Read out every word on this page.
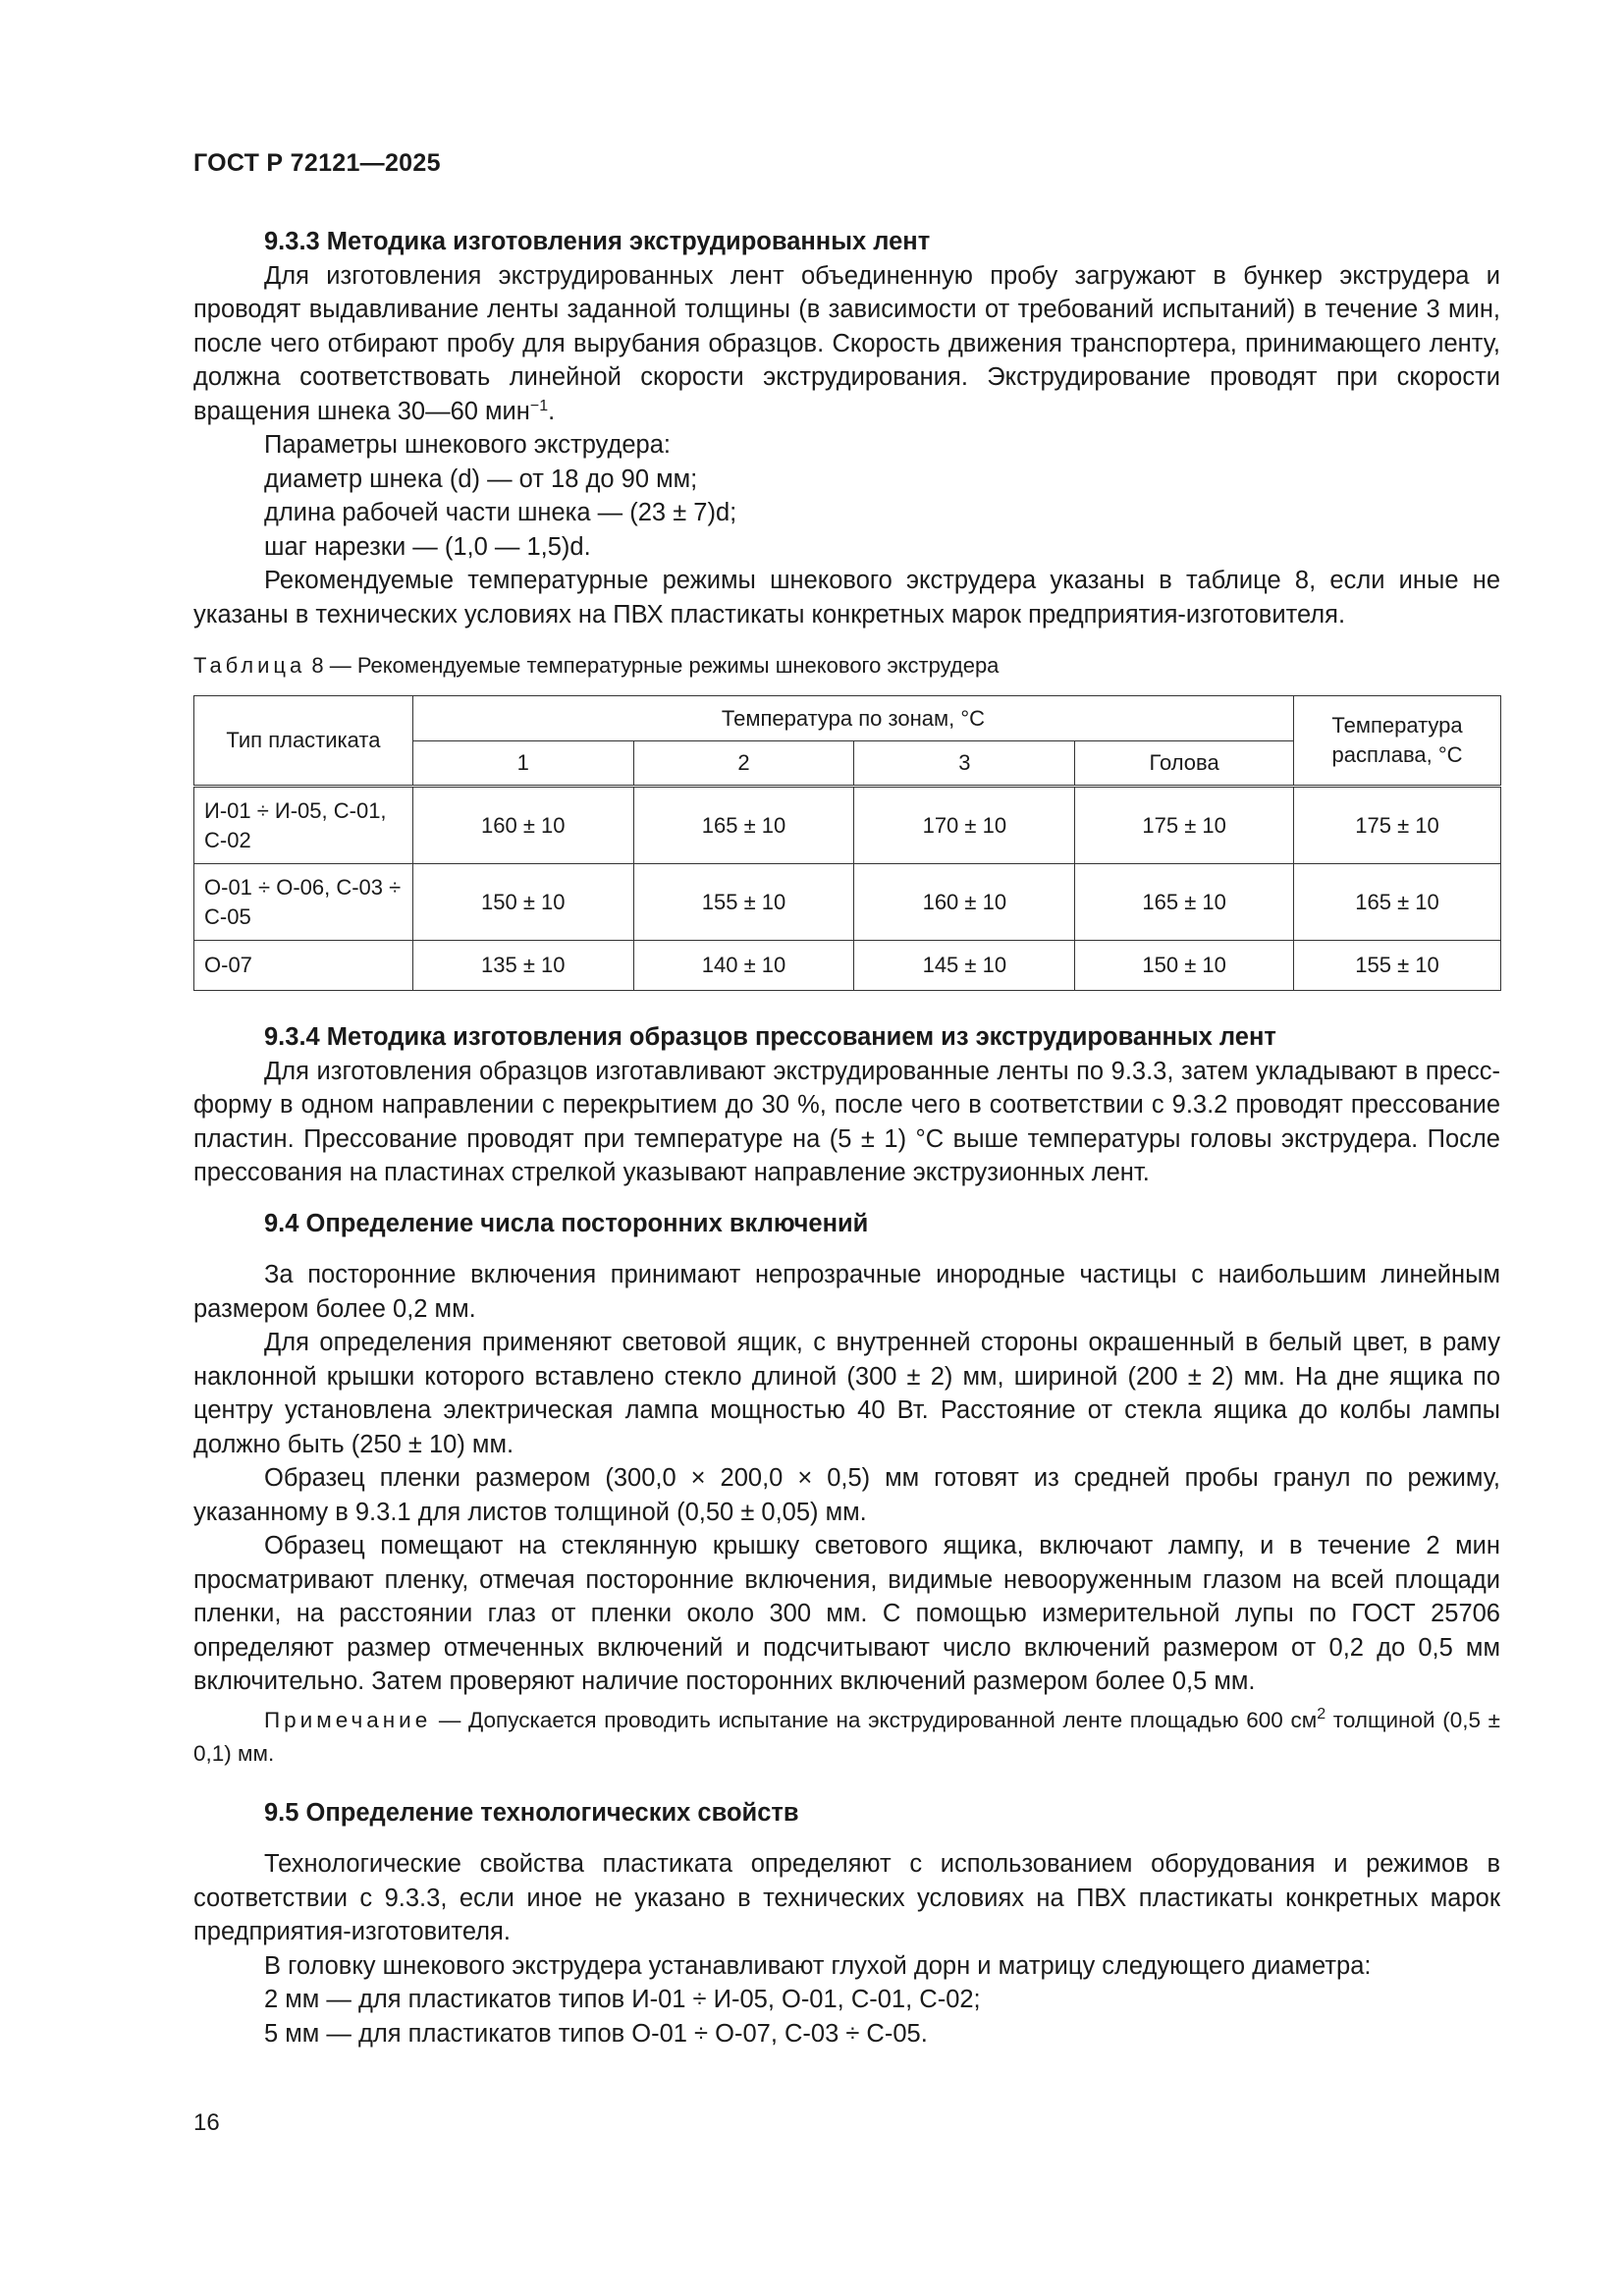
ГОСТ Р 72121—2025

9.3.3 Методика изготовления экструдированных лент

Для изготовления экструдированных лент объединенную пробу загружают в бункер экструдера и проводят выдавливание ленты заданной толщины (в зависимости от требований испытаний) в течение 3 мин, после чего отбирают пробу для вырубания образцов. Скорость движения транспортера, принимающего ленту, должна соответствовать линейной скорости экструдирования. Экструдирование проводят при скорости вращения шнека 30—60 мин$^{-1}$.

Параметры шнекового экструдера:

диаметр шнека (d) — от 18 до 90 мм;

длина рабочей части шнека — (23 ± 7)d;

шаг нарезки — (1,0 — 1,5)d.

Рекомендуемые температурные режимы шнекового экструдера указаны в таблице 8, если иные не указаны в технических условиях на ПВХ пластикаты конкретных марок предприятия-изготовителя.

Таблица 8 — Рекомендуемые температурные режимы шнекового экструдера
Тип пластиката	Температура по зонам, °С				Температура расплава, °С
	1	2	3	Голова	
И-01 ÷ И-05, С-01, С-02	160 ± 10	165 ± 10	170 ± 10	175 ± 10	175 ± 10
О-01 ÷ О-06, С-03 ÷ С-05	150 ± 10	155 ± 10	160 ± 10	165 ± 10	165 ± 10
О-07	135 ± 10	140 ± 10	145 ± 10	150 ± 10	155 ± 10

9.3.4 Методика изготовления образцов прессованием из экструдированных лент

Для изготовления образцов изготавливают экструдированные ленты по 9.3.3, затем укладывают в пресс-форму в одном направлении с перекрытием до 30 %, после чего в соответствии с 9.3.2 проводят прессование пластин. Прессование проводят при температуре на (5 ± 1) °С выше температуры головы экструдера. После прессования на пластинах стрелкой указывают направление экструзионных лент.

9.4 Определение числа посторонних включений

За посторонние включения принимают непрозрачные инородные частицы с наибольшим линейным размером более 0,2 мм.

Для определения применяют световой ящик, с внутренней стороны окрашенный в белый цвет, в раму наклонной крышки которого вставлено стекло длиной (300 ± 2) мм, шириной (200 ± 2) мм. На дне ящика по центру установлена электрическая лампа мощностью 40 Вт. Расстояние от стекла ящика до колбы лампы должно быть (250 ± 10) мм.

Образец пленки размером (300,0 × 200,0 × 0,5) мм готовят из средней пробы гранул по режиму, указанному в 9.3.1 для листов толщиной (0,50 ± 0,05) мм.

Образец помещают на стеклянную крышку светового ящика, включают лампу, и в течение 2 мин просматривают пленку, отмечая посторонние включения, видимые невооруженным глазом на всей площади пленки, на расстоянии глаз от пленки около 300 мм. С помощью измерительной лупы по ГОСТ 25706 определяют размер отмеченных включений и подсчитывают число включений размером от 0,2 до 0,5 мм включительно. Затем проверяют наличие посторонних включений размером более 0,5 мм.

Примечание — Допускается проводить испытание на экструдированной ленте площадью 600 $см^2$ толщиной (0,5 ± 0,1) мм.

9.5 Определение технологических свойств

Технологические свойства пластиката определяют с использованием оборудования и режимов в соответствии с 9.3.3, если иное не указано в технических условиях на ПВХ пластикаты конкретных марок предприятия-изготовителя.

В головку шнекового экструдера устанавливают глухой дорн и матрицу следующего диаметра:

2 мм — для пластикатов типов И-01 ÷ И-05, О-01, С-01, С-02;

5 мм — для пластикатов типов О-01 ÷ О-07, С-03 ÷ С-05.

16
